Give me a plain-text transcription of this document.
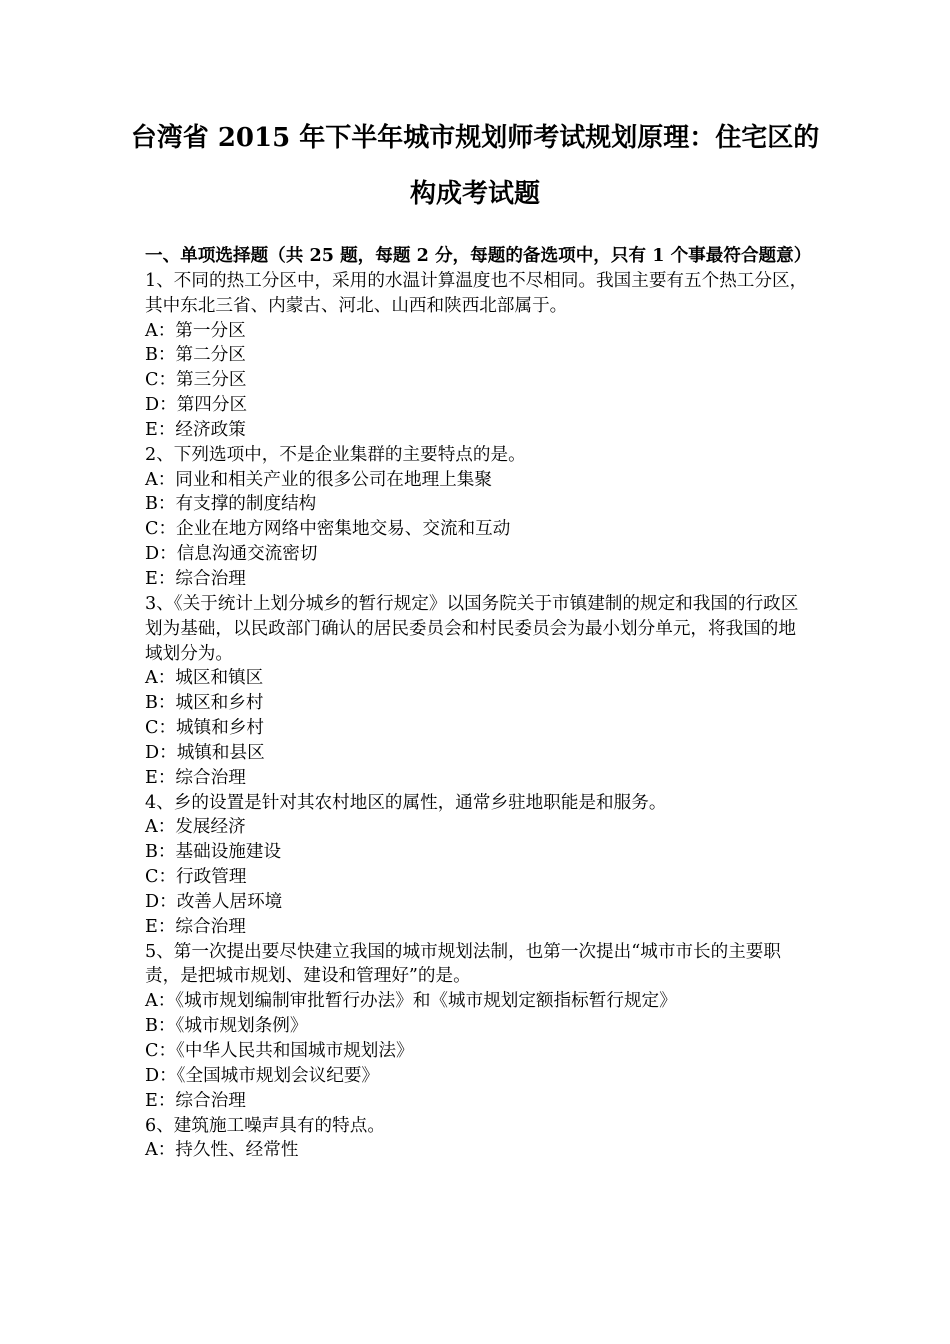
台湾省 2015 年下半年城市规划师考试规划原理：住宅区的
构成考试题

一、单项选择题（共 25 题，每题 2 分，每题的备选项中，只有 1 个事最符合题意）

1、不同的热工分区中，采用的水温计算温度也不尽相同。我国主要有五个热工分区，其中东北三省、内蒙古、河北、山西和陕西北部属于。

A：第一分区

B：第二分区

C：第三分区

D：第四分区

E：经济政策

2、下列选项中，不是企业集群的主要特点的是。

A：同业和相关产业的很多公司在地理上集聚

B：有支撑的制度结构

C：企业在地方网络中密集地交易、交流和互动

D：信息沟通交流密切

E：综合治理

3、《关于统计上划分城乡的暂行规定》以国务院关于市镇建制的规定和我国的行政区划为基础，以民政部门确认的居民委员会和村民委员会为最小划分单元，将我国的地域划分为。

A：城区和镇区

B：城区和乡村

C：城镇和乡村

D：城镇和县区

E：综合治理

4、乡的设置是针对其农村地区的属性，通常乡驻地职能是和服务。

A：发展经济

B：基础设施建设

C：行政管理

D：改善人居环境

E：综合治理

5、第一次提出要尽快建立我国的城市规划法制，也第一次提出“城市市长的主要职责，是把城市规划、建设和管理好”的是。

A：《城市规划编制审批暂行办法》和《城市规划定额指标暂行规定》

B：《城市规划条例》

C：《中华人民共和国城市规划法》

D：《全国城市规划会议纪要》

E：综合治理

6、建筑施工噪声具有的特点。

A：持久性、经常性
